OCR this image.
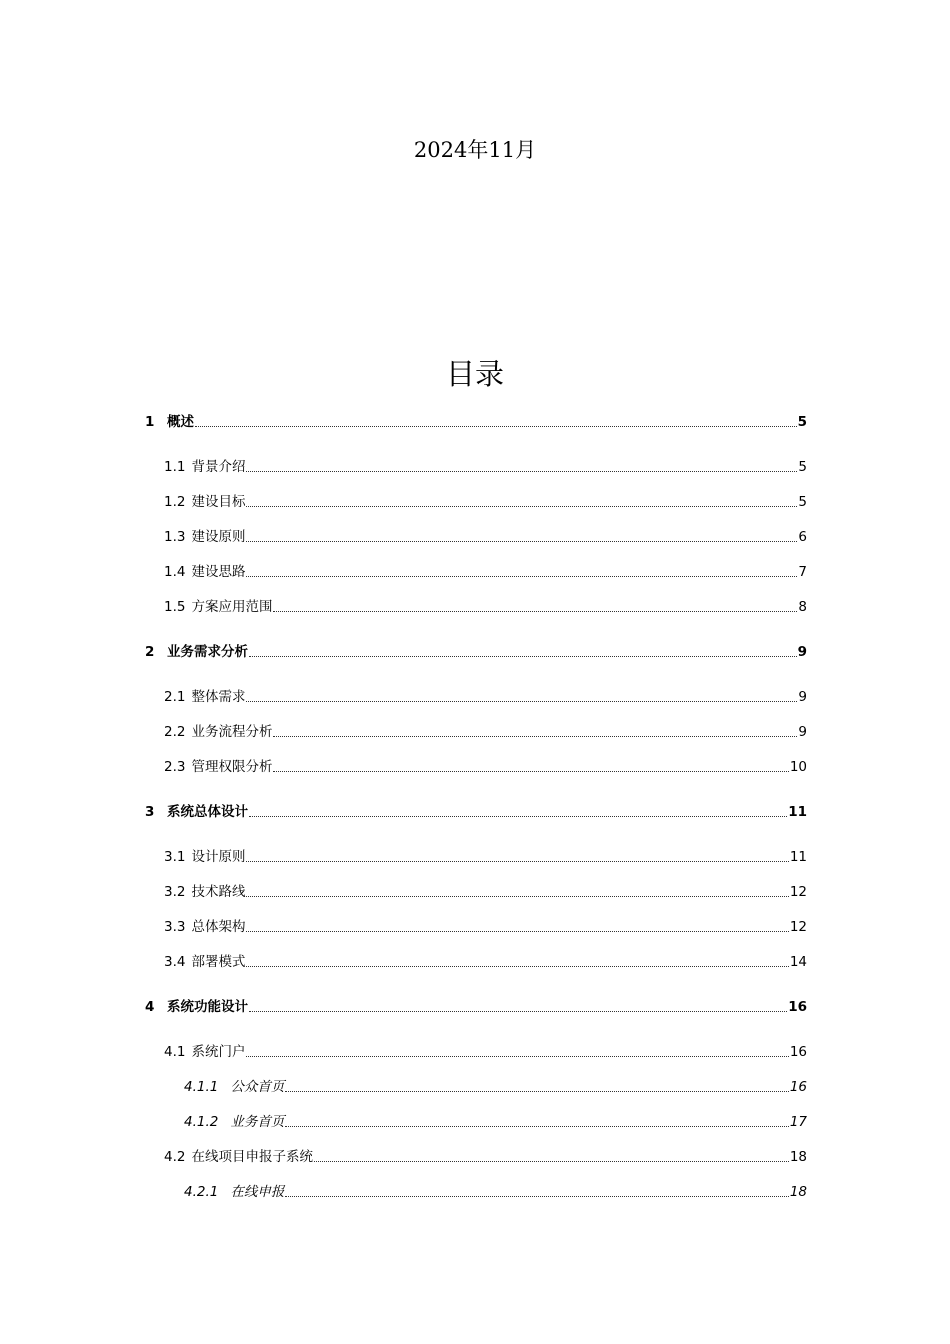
2024年11月
目录
1 概述	5
1.1 背景介绍	5
1.2 建设目标	5
1.3 建设原则	6
1.4 建设思路	7
1.5 方案应用范围	8
2 业务需求分析	9
2.1 整体需求	9
2.2 业务流程分析	9
2.3 管理权限分析	10
3 系统总体设计	11
3.1 设计原则	11
3.2 技术路线	12
3.3 总体架构	12
3.4 部署模式	14
4 系统功能设计	16
4.1 系统门户	16
4.1.1 公众首页	16
4.1.2 业务首页	17
4.2 在线项目申报子系统	18
4.2.1 在线申报	18
